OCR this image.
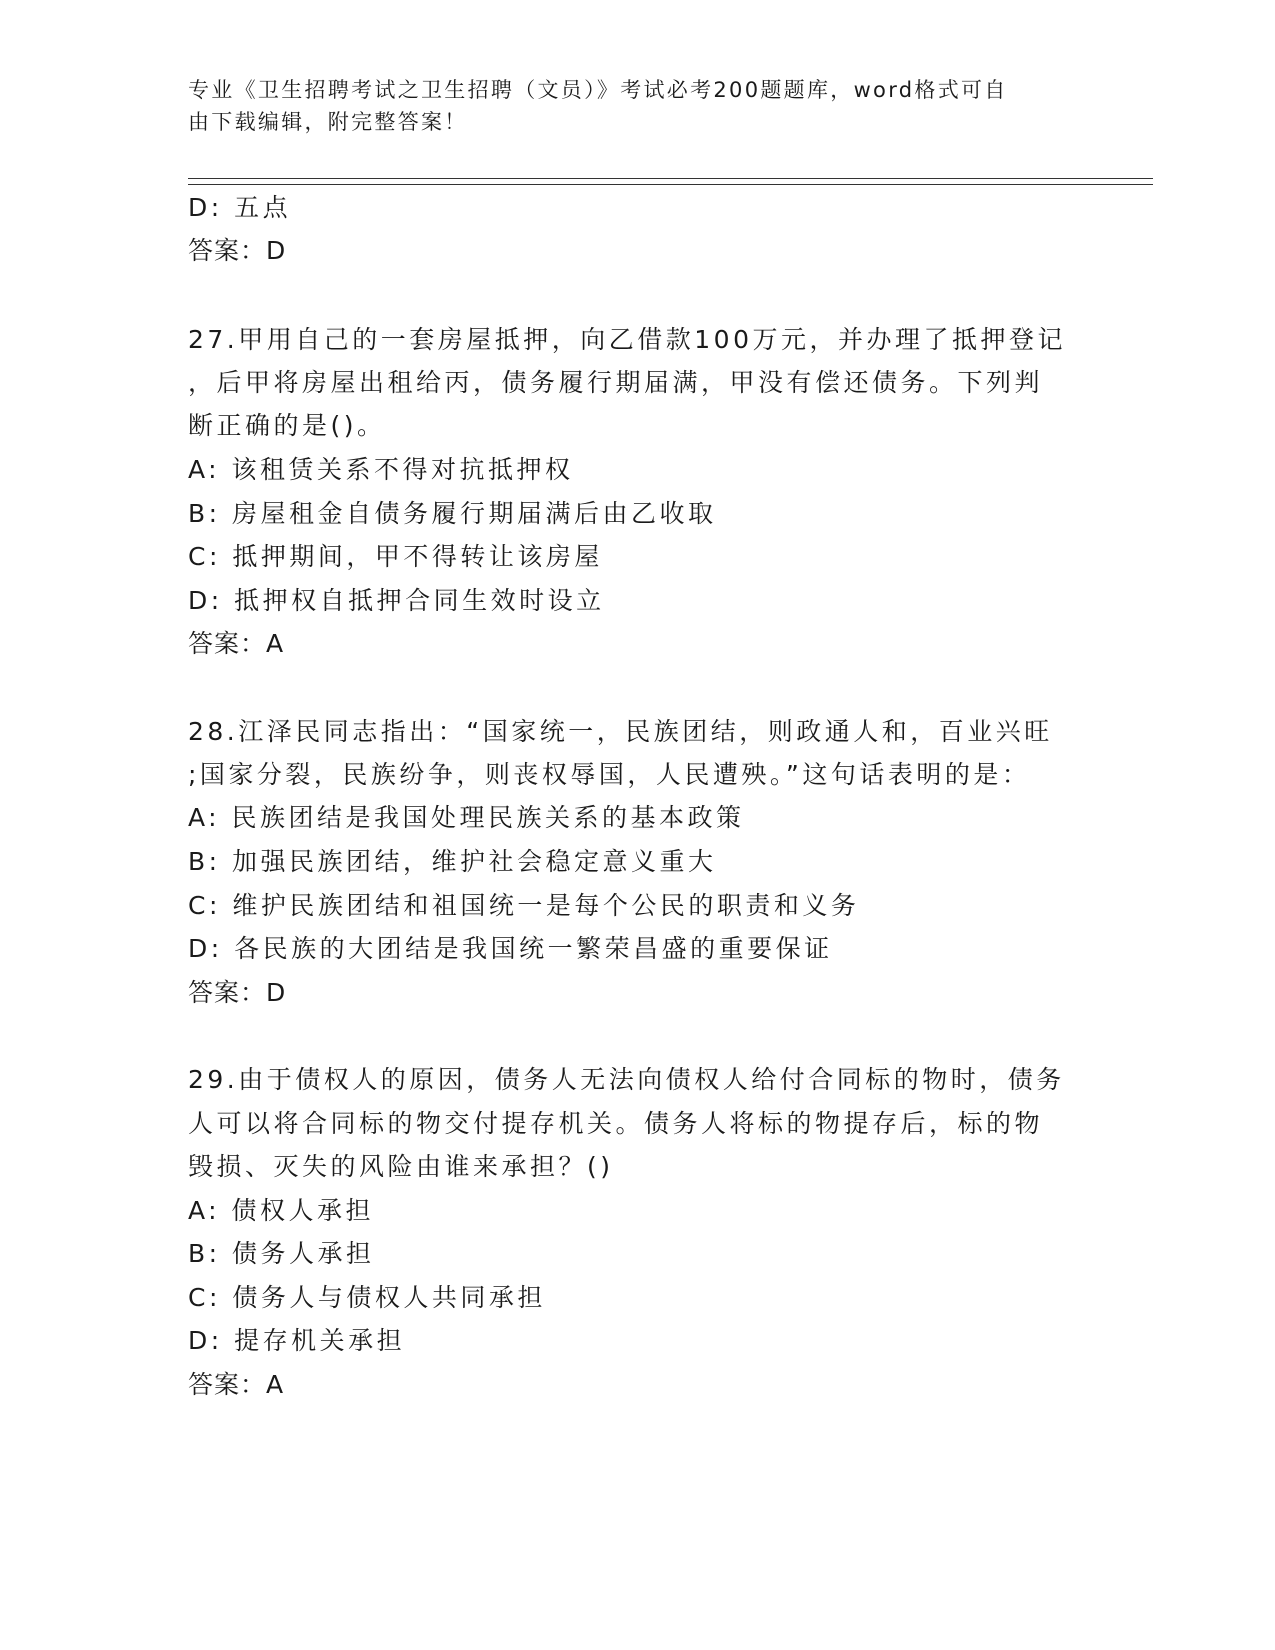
专业《卫生招聘考试之卫生招聘（文员）》考试必考200题题库，word格式可自
由下载编辑，附完整答案！
D: 五点
答案：D
27.甲用自己的一套房屋抵押，向乙借款100万元，并办理了抵押登记
，后甲将房屋出租给丙，债务履行期届满，甲没有偿还债务。下列判
断正确的是()。
A: 该租赁关系不得对抗抵押权
B: 房屋租金自债务履行期届满后由乙收取
C: 抵押期间，甲不得转让该房屋
D: 抵押权自抵押合同生效时设立
答案：A
28.江泽民同志指出：“国家统一，民族团结，则政通人和，百业兴旺
;国家分裂，民族纷争，则丧权辱国，人民遭殃。”这句话表明的是：
A: 民族团结是我国处理民族关系的基本政策
B: 加强民族团结，维护社会稳定意义重大
C: 维护民族团结和祖国统一是每个公民的职责和义务
D: 各民族的大团结是我国统一繁荣昌盛的重要保证
答案：D
29.由于债权人的原因，债务人无法向债权人给付合同标的物时，债务
人可以将合同标的物交付提存机关。债务人将标的物提存后，标的物
毁损、灭失的风险由谁来承担？()
A: 债权人承担
B: 债务人承担
C: 债务人与债权人共同承担
D: 提存机关承担
答案：A
